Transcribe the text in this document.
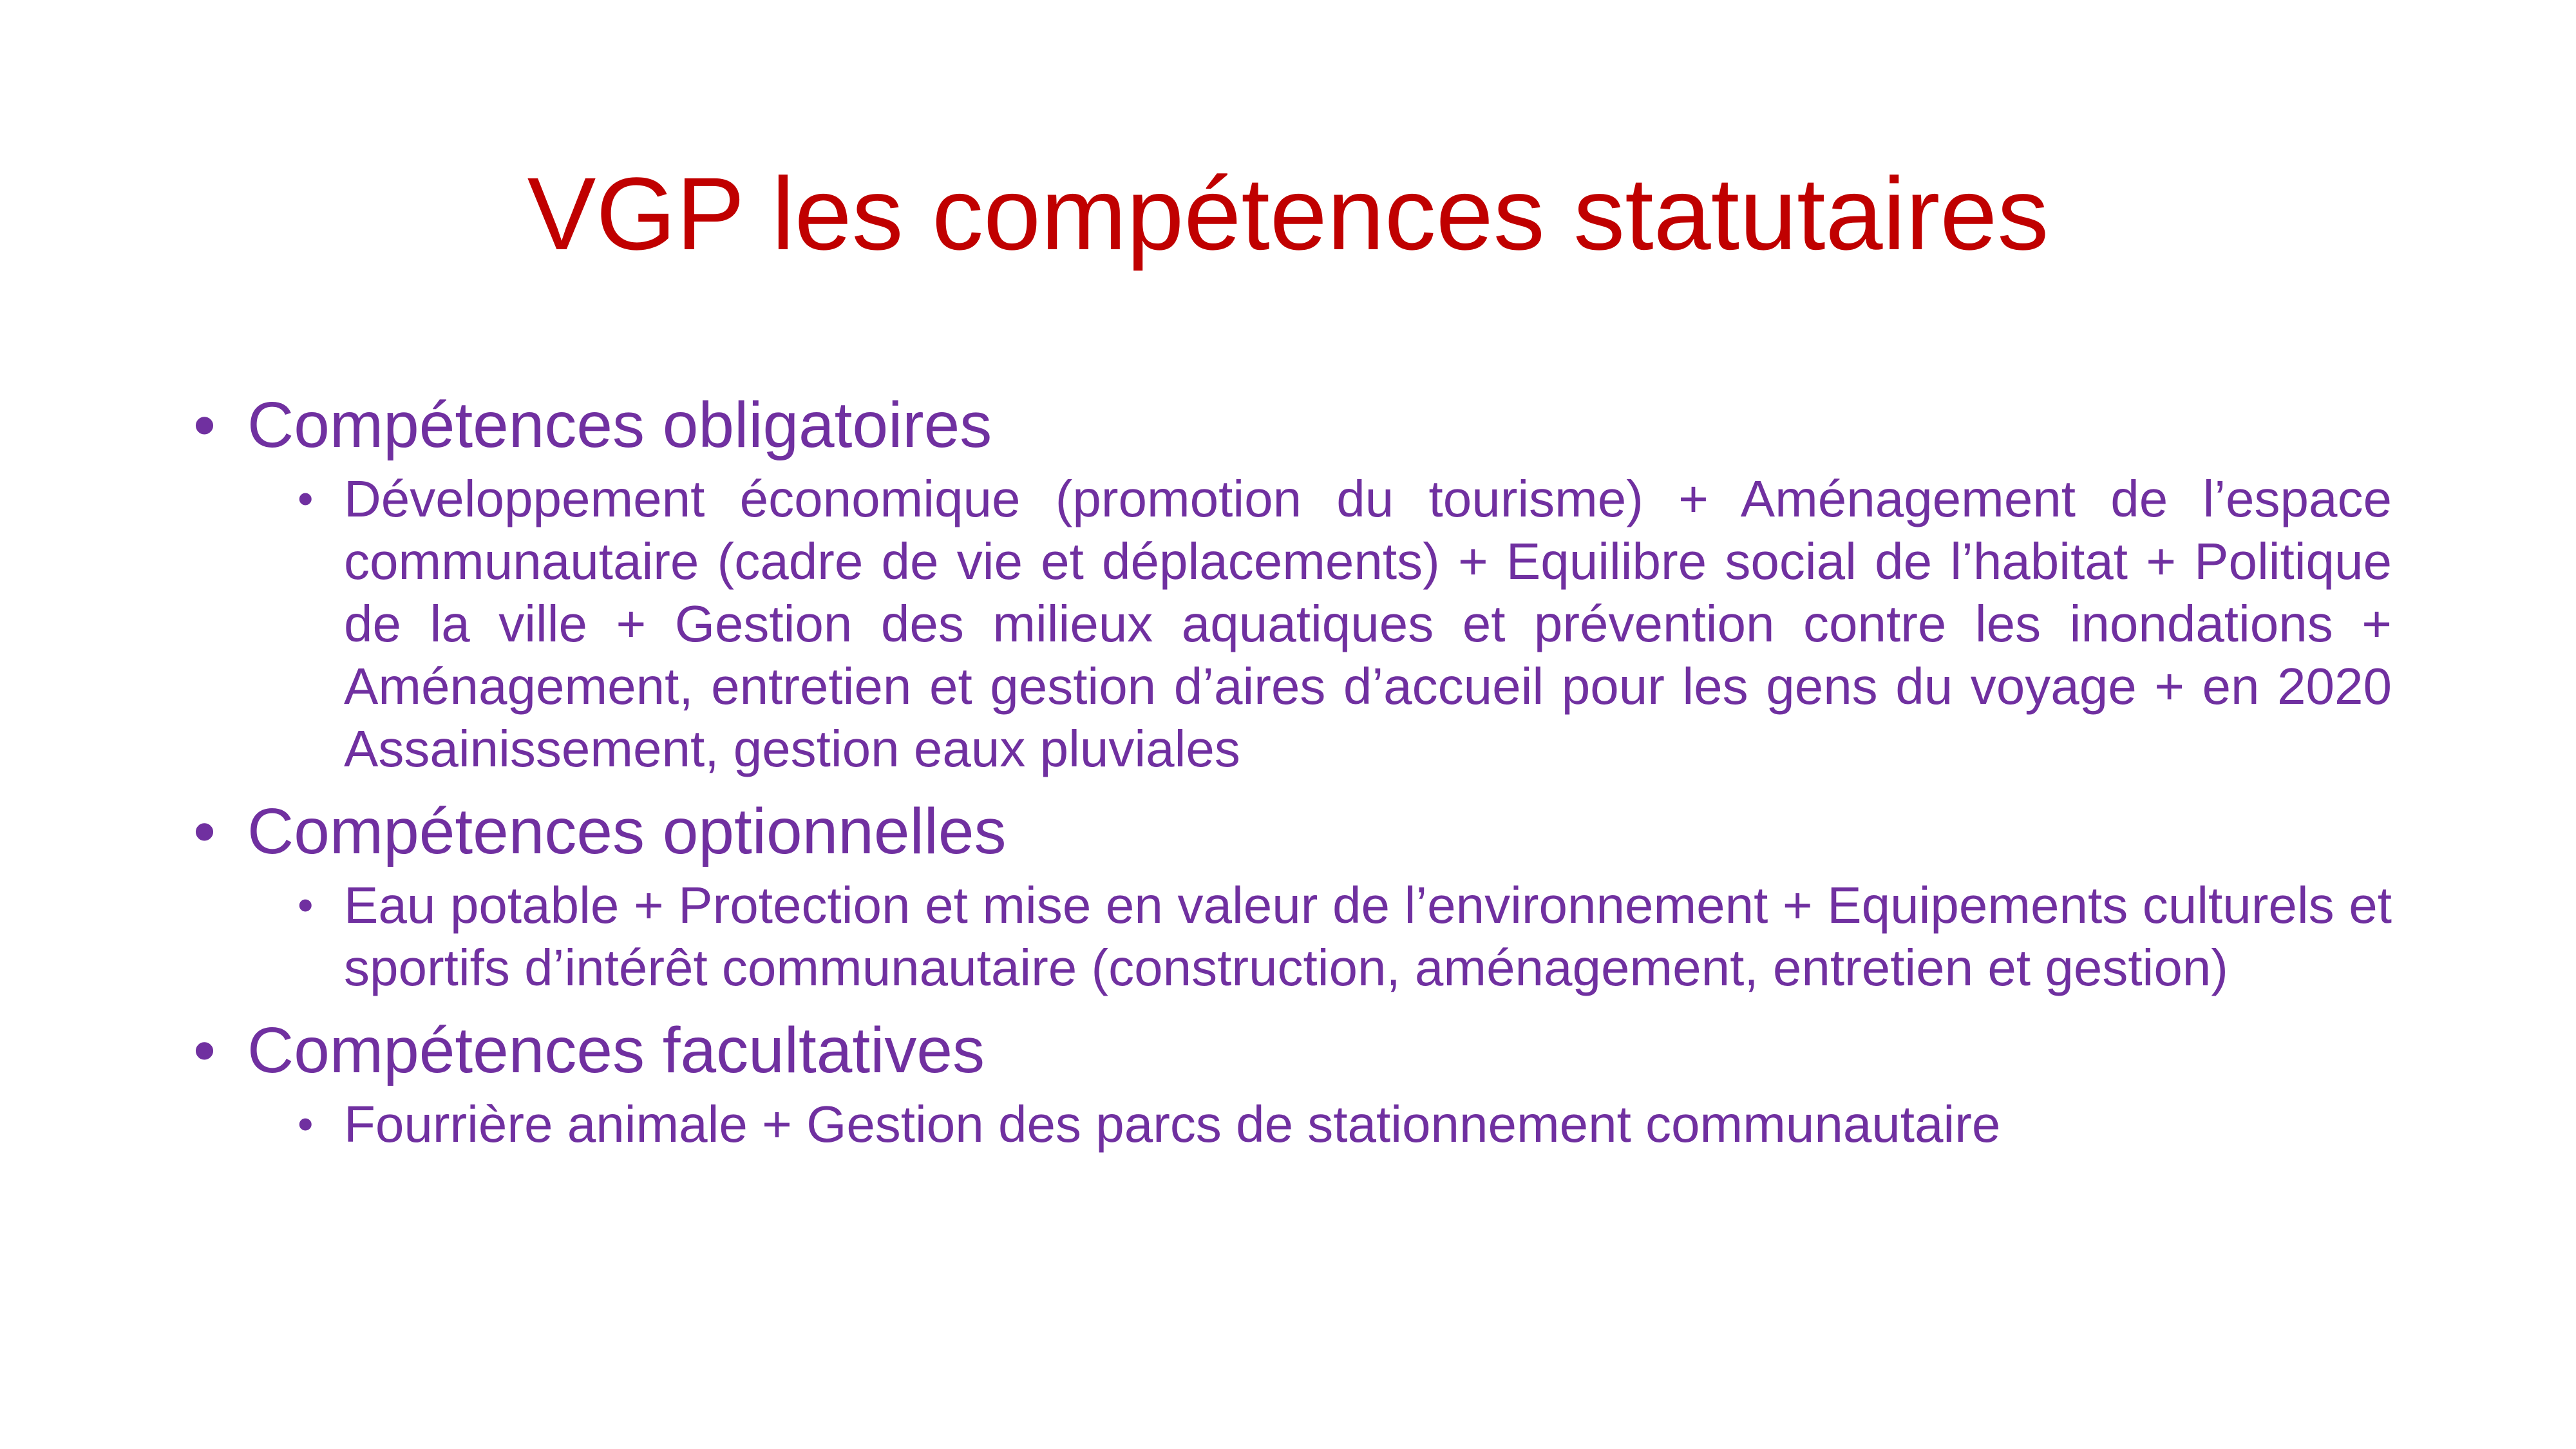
VGP les compétences statutaires
• Compétences obligatoires
• Développement économique (promotion du tourisme) + Aménagement de l’espace communautaire (cadre de vie et déplacements) + Equilibre social de l’habitat + Politique de la ville + Gestion des milieux aquatiques et prévention contre les inondations + Aménagement, entretien et gestion d’aires d’accueil pour les gens du voyage + en 2020 Assainissement, gestion eaux pluviales
• Compétences optionnelles
• Eau potable + Protection et mise en valeur de l’environnement + Equipements culturels et sportifs d’intérêt communautaire (construction, aménagement, entretien et gestion)
• Compétences facultatives
• Fourrière animale + Gestion des parcs de stationnement communautaire
